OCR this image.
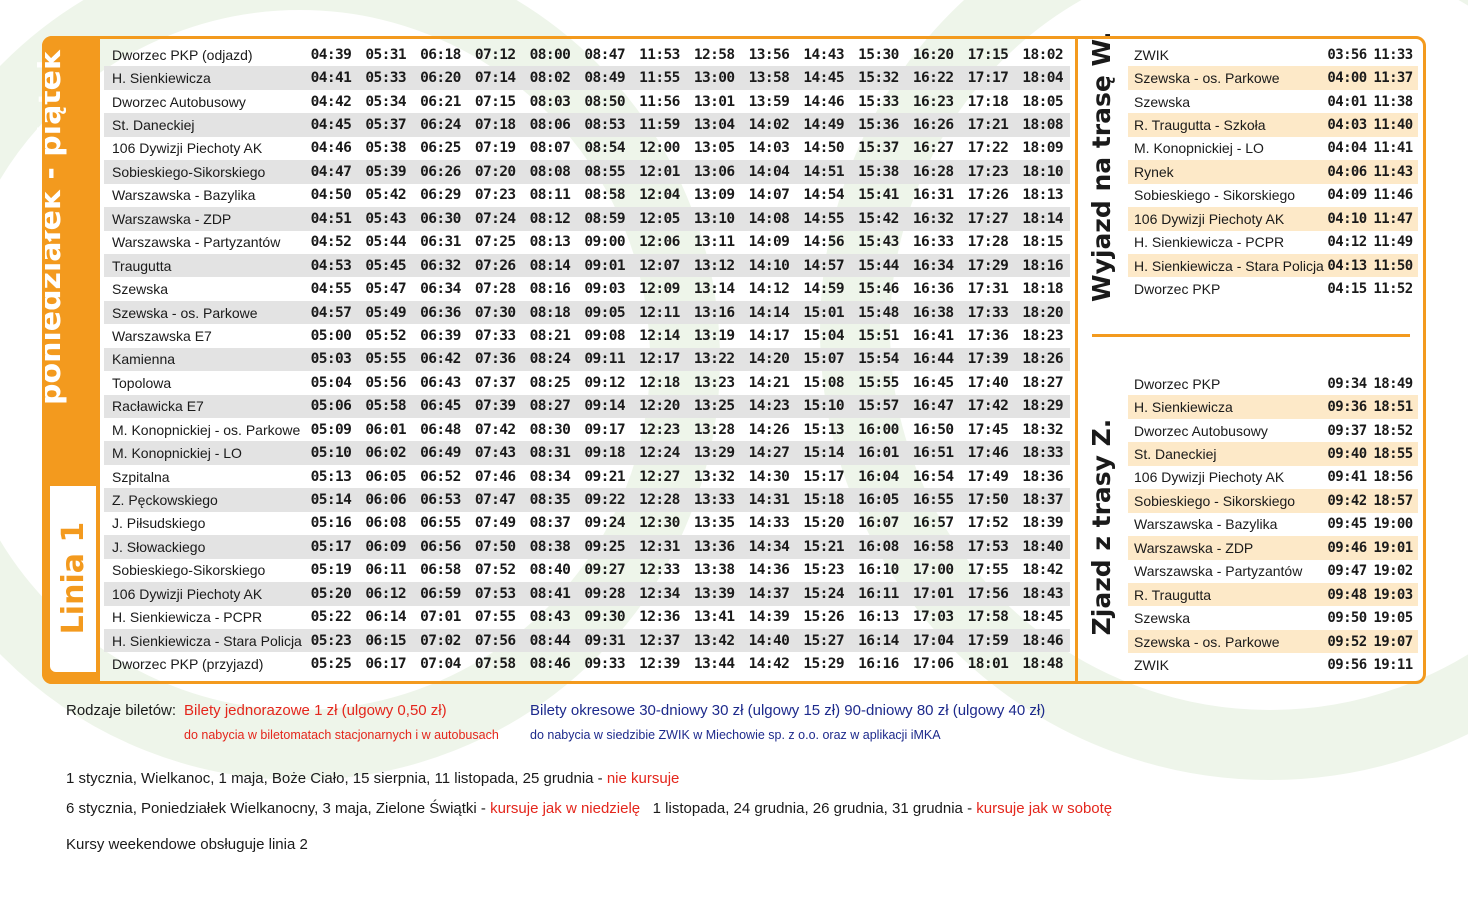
poniedziałek - piątek
Linia 1
Dworzec PKP (odjazd)	04:39 05:31 06:18 07:12 08:00 08:47 11:53 12:58 13:56 14:43 15:30 16:20 17:15 18:02
H. Sienkiewicza	04:41 05:33 06:20 07:14 08:02 08:49 11:55 13:00 13:58 14:45 15:32 16:22 17:17 18:04
Dworzec Autobusowy	04:42 05:34 06:21 07:15 08:03 08:50 11:56 13:01 13:59 14:46 15:33 16:23 17:18 18:05
St. Daneckiej	04:45 05:37 06:24 07:18 08:06 08:53 11:59 13:04 14:02 14:49 15:36 16:26 17:21 18:08
106 Dywizji Piechoty AK	04:46 05:38 06:25 07:19 08:07 08:54 12:00 13:05 14:03 14:50 15:37 16:27 17:22 18:09
Sobieskiego-Sikorskiego	04:47 05:39 06:26 07:20 08:08 08:55 12:01 13:06 14:04 14:51 15:38 16:28 17:23 18:10
Warszawska - Bazylika	04:50 05:42 06:29 07:23 08:11 08:58 12:04 13:09 14:07 14:54 15:41 16:31 17:26 18:13
Warszawska - ZDP	04:51 05:43 06:30 07:24 08:12 08:59 12:05 13:10 14:08 14:55 15:42 16:32 17:27 18:14
Warszawska - Partyzantów	04:52 05:44 06:31 07:25 08:13 09:00 12:06 13:11 14:09 14:56 15:43 16:33 17:28 18:15
Traugutta	04:53 05:45 06:32 07:26 08:14 09:01 12:07 13:12 14:10 14:57 15:44 16:34 17:29 18:16
Szewska	04:55 05:47 06:34 07:28 08:16 09:03 12:09 13:14 14:12 14:59 15:46 16:36 17:31 18:18
Szewska - os. Parkowe	04:57 05:49 06:36 07:30 08:18 09:05 12:11 13:16 14:14 15:01 15:48 16:38 17:33 18:20
Warszawska E7	05:00 05:52 06:39 07:33 08:21 09:08 12:14 13:19 14:17 15:04 15:51 16:41 17:36 18:23
Kamienna	05:03 05:55 06:42 07:36 08:24 09:11 12:17 13:22 14:20 15:07 15:54 16:44 17:39 18:26
Topolowa	05:04 05:56 06:43 07:37 08:25 09:12 12:18 13:23 14:21 15:08 15:55 16:45 17:40 18:27
Racławicka E7	05:06 05:58 06:45 07:39 08:27 09:14 12:20 13:25 14:23 15:10 15:57 16:47 17:42 18:29
M. Konopnickiej - os. Parkowe 05:09 06:01 06:48 07:42 08:30 09:17 12:23 13:28 14:26 15:13 16:00 16:50 17:45 18:32
M. Konopnickiej - LO	05:10 06:02 06:49 07:43 08:31 09:18 12:24 13:29 14:27 15:14 16:01 16:51 17:46 18:33
Szpitalna	05:13 06:05 06:52 07:46 08:34 09:21 12:27 13:32 14:30 15:17 16:04 16:54 17:49 18:36
Z. Pęckowskiego	05:14 06:06 06:53 07:47 08:35 09:22 12:28 13:33 14:31 15:18 16:05 16:55 17:50 18:37
J. Piłsudskiego	05:16 06:08 06:55 07:49 08:37 09:24 12:30 13:35 14:33 15:20 16:07 16:57 17:52 18:39
J. Słowackiego	05:17 06:09 06:56 07:50 08:38 09:25 12:31 13:36 14:34 15:21 16:08 16:58 17:53 18:40
Sobieskiego-Sikorskiego	05:19 06:11 06:58 07:52 08:40 09:27 12:33 13:38 14:36 15:23 16:10 17:00 17:55 18:42
106 Dywizji Piechoty AK	05:20 06:12 06:59 07:53 08:41 09:28 12:34 13:39 14:37 15:24 16:11 17:01 17:56 18:43
H. Sienkiewicza - PCPR	05:22 06:14 07:01 07:55 08:43 09:30 12:36 13:41 14:39 15:26 16:13 17:03 17:58 18:45
H. Sienkiewicza - Stara Policja 05:23 06:15 07:02 07:56 08:44 09:31 12:37 13:42 14:40 15:27 16:14 17:04 17:59 18:46
Dworzec PKP (przyjazd)	05:25 06:17 07:04 07:58 08:46 09:33 12:39 13:44 14:42 15:29 16:16 17:06 18:01 18:48
Wyjazd na trasę W.
Zjazd z trasy Z.
ZWIK	03:56 11:33
Szewska - os. Parkowe	04:00 11:37
Szewska	04:01 11:38
R. Traugutta - Szkoła	04:03 11:40
M. Konopnickiej - LO	04:04 11:41
Rynek	04:06 11:43
Sobieskiego - Sikorskiego	04:09 11:46
106 Dywizji Piechoty AK	04:10 11:47
H. Sienkiewicza - PCPR	04:12 11:49
H. Sienkiewicza - Stara Policja 04:13 11:50
Dworzec PKP	04:15 11:52
Dworzec PKP	09:34 18:49
H. Sienkiewicza	09:36 18:51
Dworzec Autobusowy	09:37 18:52
St. Daneckiej	09:40 18:55
106 Dywizji Piechoty AK	09:41 18:56
Sobieskiego - Sikorskiego	09:42 18:57
Warszawska - Bazylika	09:45 19:00
Warszawska - ZDP	09:46 19:01
Warszawska - Partyzantów	09:47 19:02
R. Traugutta	09:48 19:03
Szewska	09:50 19:05
Szewska - os. Parkowe	09:52 19:07
ZWIK	09:56 19:11
Rodzaje biletów: Bilety jednorazowe 1 zł (ulgowy 0,50 zł)
do nabycia w biletomatach stacjonarnych i w autobusach
Bilety okresowe 30-dniowy 30 zł (ulgowy 15 zł) 90-dniowy 80 zł (ulgowy 40 zł)
do nabycia w siedzibie ZWIK w Miechowie sp. z o.o. oraz w aplikacji iMKA
1 stycznia, Wielkanoc, 1 maja, Boże Ciało, 15 sierpnia, 11 listopada, 25 grudnia - nie kursuje
6 stycznia, Poniedziałek Wielkanocny, 3 maja, Zielone Świątki - kursuje jak w niedzielę 1 listopada, 24 grudnia, 26 grudnia, 31 grudnia - kursuje jak w sobotę
Kursy weekendowe obsługuje linia 2
